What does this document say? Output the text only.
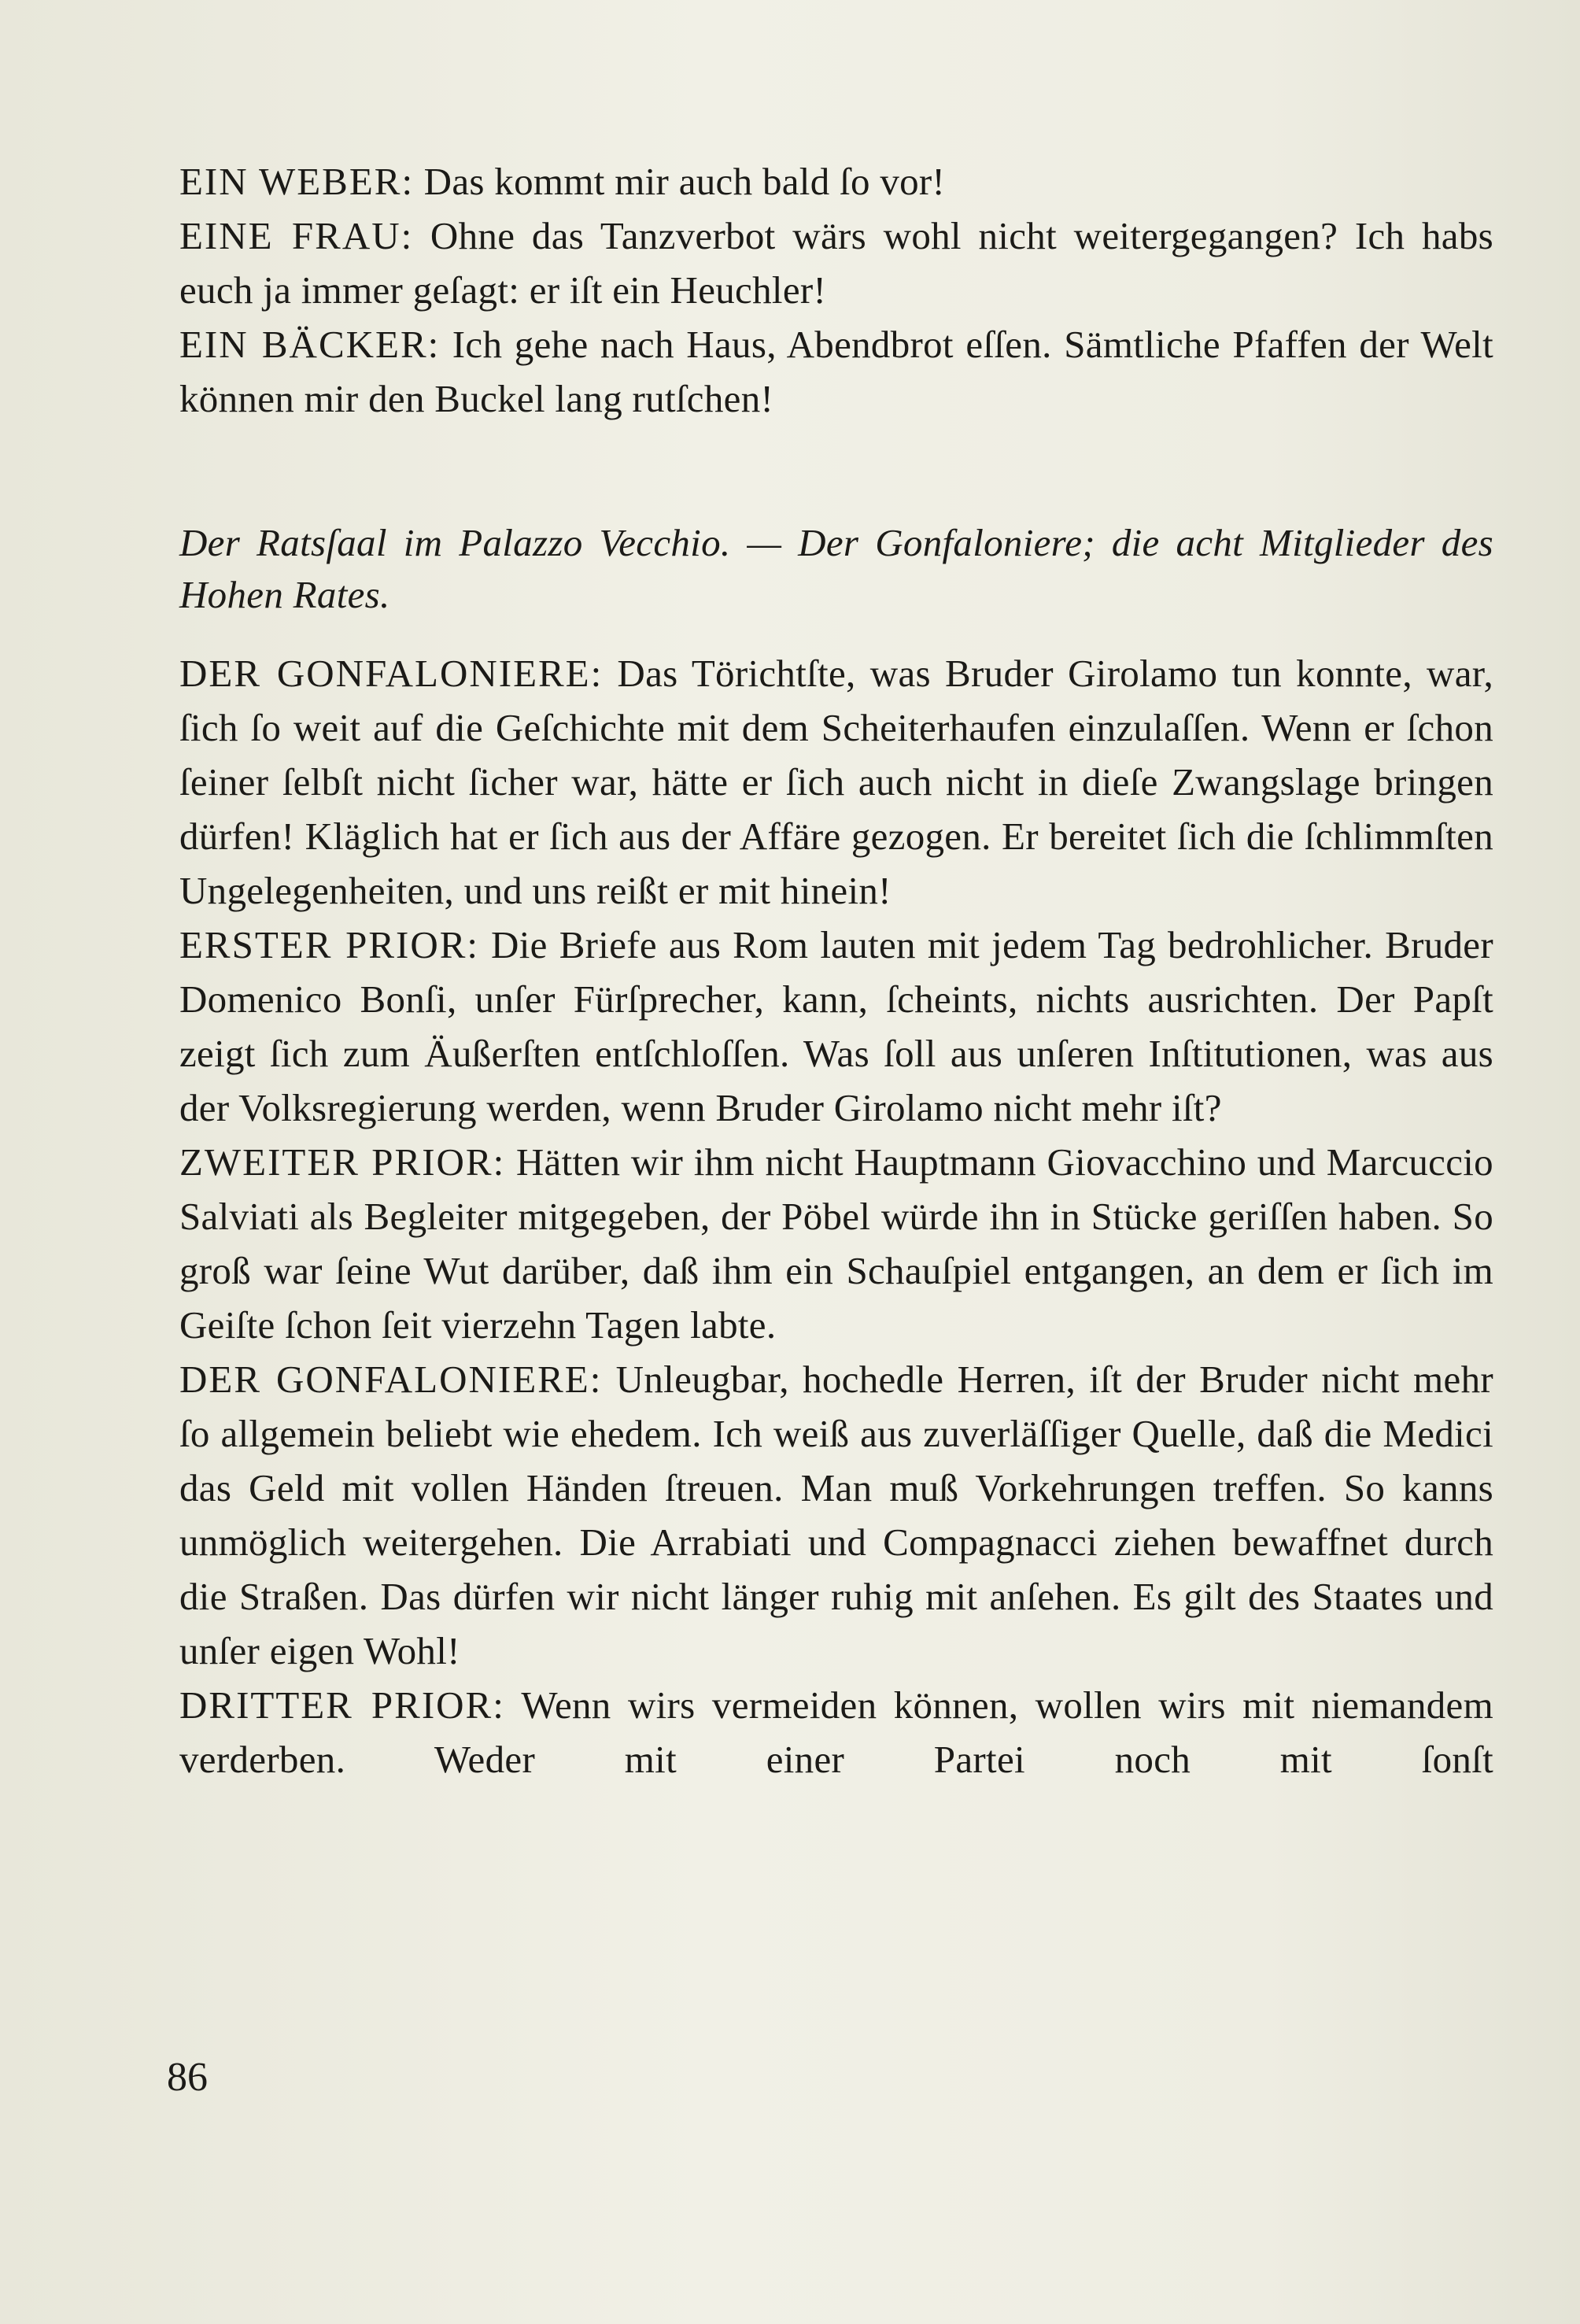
EIN WEBER: Das kommt mir auch bald ſo vor!

EINE FRAU: Ohne das Tanzverbot wärs wohl nicht weitergegangen? Ich habs euch ja immer geſagt: er iſt ein Heuchler!

EIN BÄCKER: Ich gehe nach Haus, Abendbrot eſſen. Sämtliche Pfaffen der Welt können mir den Buckel lang rutſchen!

Der Ratsſaal im Palazzo Vecchio. — Der Gonfaloniere; die acht Mitglieder des Hohen Rates.

DER GONFALONIERE: Das Törichtſte, was Bruder Girolamo tun konnte, war, ſich ſo weit auf die Geſchichte mit dem Scheiterhaufen einzulaſſen. Wenn er ſchon ſeiner ſelbſt nicht ſicher war, hätte er ſich auch nicht in dieſe Zwangslage bringen dürfen! Kläglich hat er ſich aus der Affäre gezogen. Er bereitet ſich die ſchlimmſten Ungelegenheiten, und uns reißt er mit hinein!

ERSTER PRIOR: Die Briefe aus Rom lauten mit jedem Tag bedrohlicher. Bruder Domenico Bonſi, unſer Fürſprecher, kann, ſcheints, nichts ausrichten. Der Papſt zeigt ſich zum Äußerſten entſchloſſen. Was ſoll aus unſeren Inſtitutionen, was aus der Volksregierung werden, wenn Bruder Girolamo nicht mehr iſt?

ZWEITER PRIOR: Hätten wir ihm nicht Hauptmann Giovacchino und Marcuccio Salviati als Begleiter mitgegeben, der Pöbel würde ihn in Stücke geriſſen haben. So groß war ſeine Wut darüber, daß ihm ein Schauſpiel entgangen, an dem er ſich im Geiſte ſchon ſeit vierzehn Tagen labte.

DER GONFALONIERE: Unleugbar, hochedle Herren, iſt der Bruder nicht mehr ſo allgemein beliebt wie ehedem. Ich weiß aus zuverläſſiger Quelle, daß die Medici das Geld mit vollen Händen ſtreuen. Man muß Vorkehrungen treffen. So kanns unmöglich weitergehen. Die Arrabiati und Compagnacci ziehen bewaffnet durch die Straßen. Das dürfen wir nicht länger ruhig mit anſehen. Es gilt des Staates und unſer eigen Wohl!

DRITTER PRIOR: Wenn wirs vermeiden können, wollen wirs mit niemandem verderben. Weder mit einer Partei noch mit ſonſt

86
